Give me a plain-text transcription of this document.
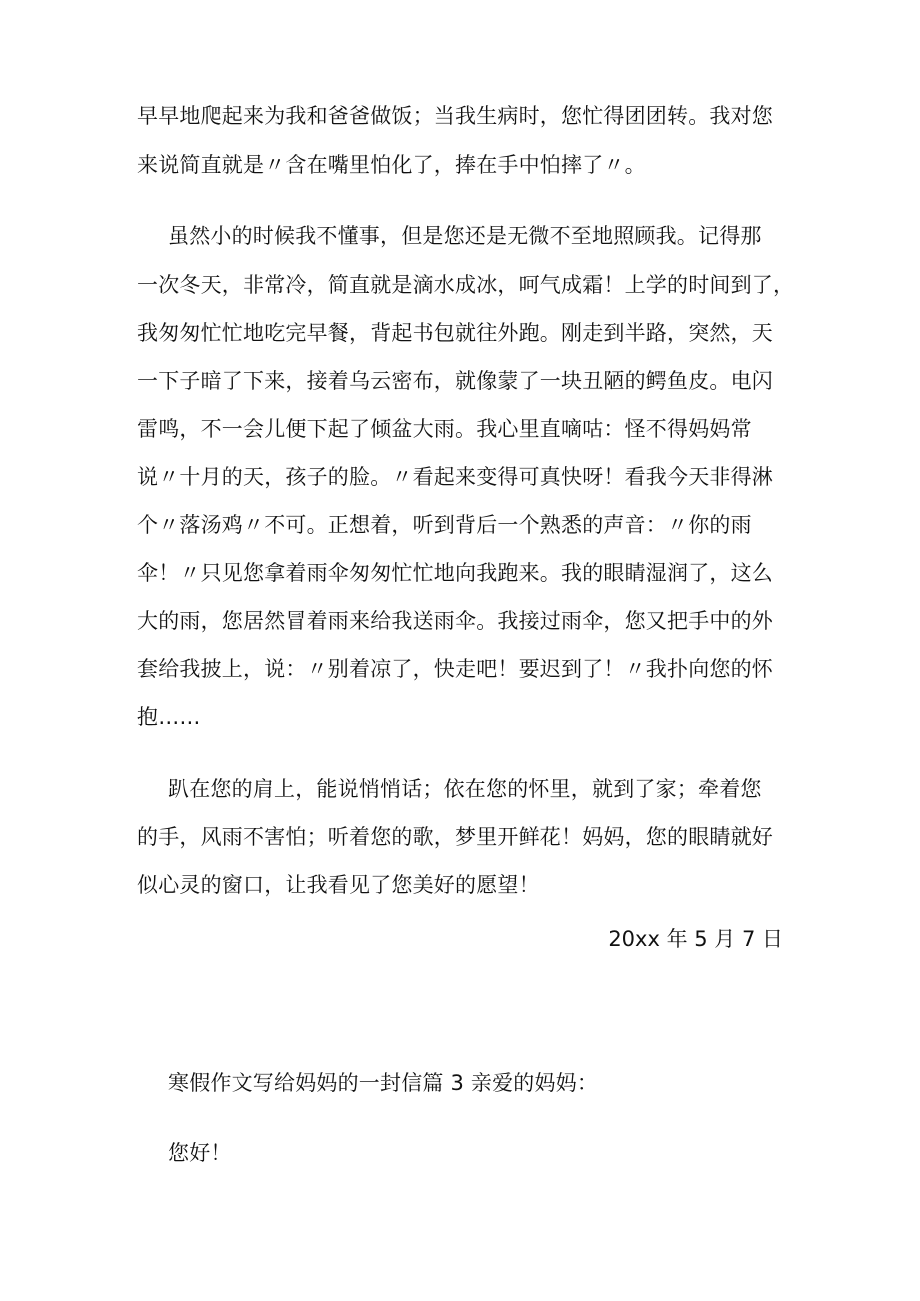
早早地爬起来为我和爸爸做饭；当我生病时，您忙得团团转。我对您
来说简直就是〃含在嘴里怕化了，捧在手中怕摔了〃。
虽然小的时候我不懂事，但是您还是无微不至地照顾我。记得那
一次冬天，非常冷，简直就是滴水成冰，呵气成霜！上学的时间到了，
我匆匆忙忙地吃完早餐，背起书包就往外跑。刚走到半路，突然，天
一下子暗了下来，接着乌云密布，就像蒙了一块丑陋的鳄鱼皮。电闪
雷鸣，不一会儿便下起了倾盆大雨。我心里直嘀咕：怪不得妈妈常
说〃十月的天，孩子的脸。〃看起来变得可真快呀！看我今天非得淋
个〃落汤鸡〃不可。正想着，听到背后一个熟悉的声音：〃你的雨
伞！〃只见您拿着雨伞匆匆忙忙地向我跑来。我的眼睛湿润了，这么
大的雨，您居然冒着雨来给我送雨伞。我接过雨伞，您又把手中的外
套给我披上，说：〃别着凉了，快走吧！要迟到了！〃我扑向您的怀
抱……
趴在您的肩上，能说悄悄话；依在您的怀里，就到了家；牵着您
的手，风雨不害怕；听着您的歌，梦里开鲜花！妈妈，您的眼睛就好
似心灵的窗口，让我看见了您美好的愿望！
20xx 年 5 月 7 日
寒假作文写给妈妈的一封信篇 3 亲爱的妈妈：
您好！
